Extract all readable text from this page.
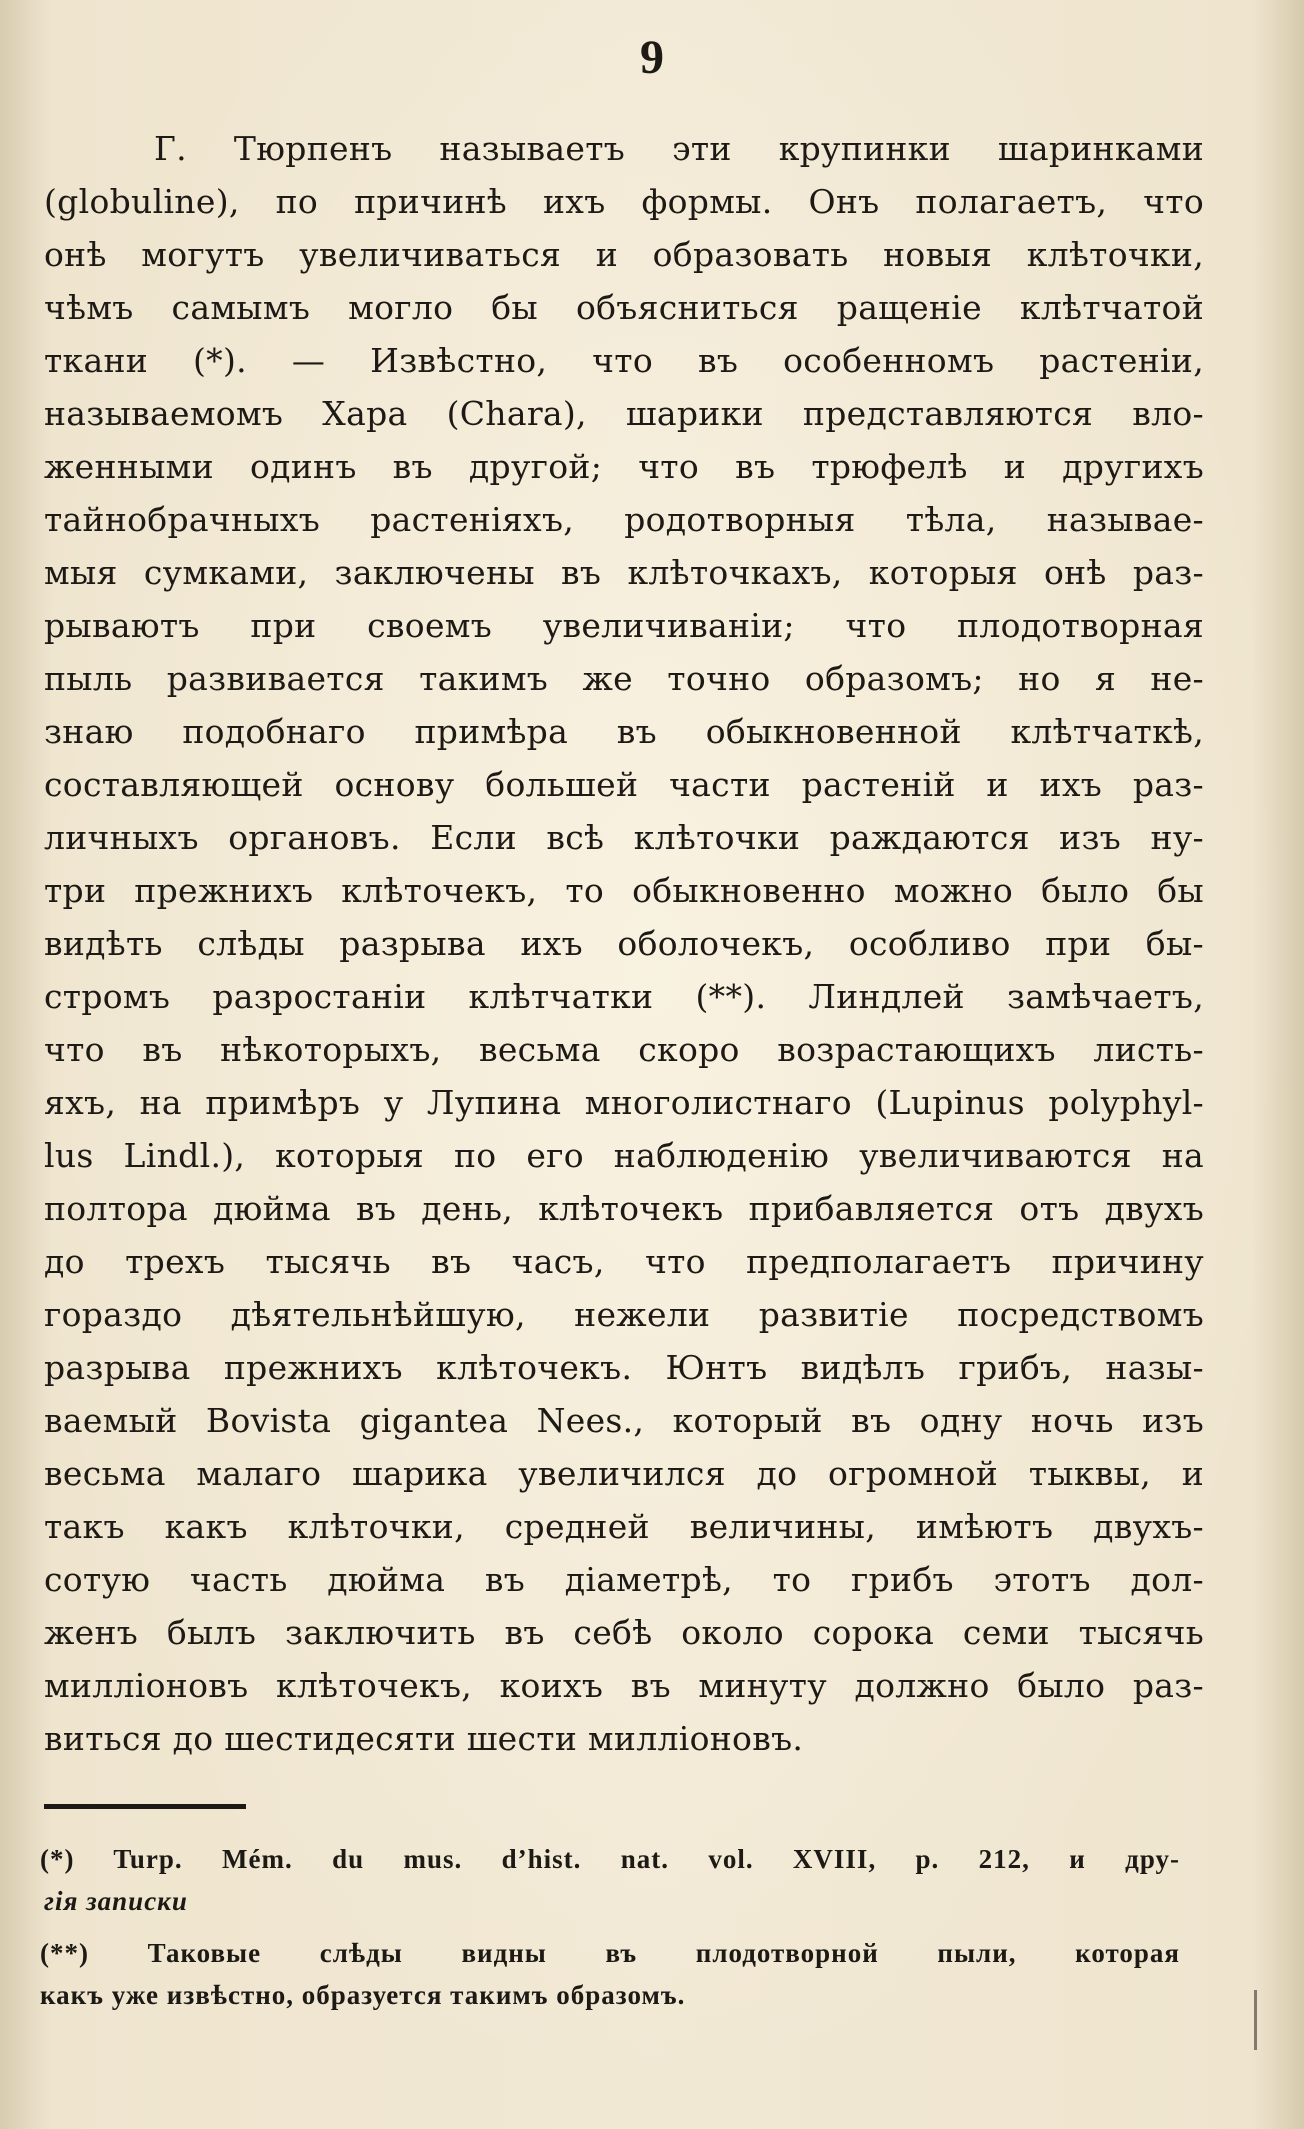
9
Г. Тюрпенъ называетъ эти крупинки шаринками
(globuline), по причинѣ ихъ формы. Онъ полагаетъ, что
онѣ могутъ увеличиваться и образовать новыя клѣточки,
чѣмъ самымъ могло бы объясниться ращеніе клѣтчатой
ткани (*). — Извѣстно, что въ особенномъ растеніи,
называемомъ Хара (Chara), шарики представляются вло-
женными одинъ въ другой; что въ трюфелѣ и другихъ
тайнобрачныхъ растеніяхъ, родотворныя тѣла, называе-
мыя сумками, заключены въ клѣточкахъ, которыя онѣ раз-
рываютъ при своемъ увеличиваніи; что плодотворная
пыль развивается такимъ же точно образомъ; но я не-
знаю подобнаго примѣра въ обыкновенной клѣтчаткѣ,
составляющей основу большей части растеній и ихъ раз-
личныхъ органовъ. Если всѣ клѣточки раждаются изъ ну-
три прежнихъ клѣточекъ, то обыкновенно можно было бы
видѣть слѣды разрыва ихъ оболочекъ, особливо при бы-
стромъ разростаніи клѣтчатки (**). Линдлей замѣчаетъ,
что въ нѣкоторыхъ, весьма скоро возрастающихъ листь-
яхъ, на примѣръ у Лупина многолистнаго (Lupinus polyphyl-
lus Lindl.), которыя по его наблюденію увеличиваются на
полтора дюйма въ день, клѣточекъ прибавляется отъ двухъ
до трехъ тысячь въ часъ, что предполагаетъ причину
гораздо дѣятельнѣйшую, нежели развитіе посредствомъ
разрыва прежнихъ клѣточекъ. Юнтъ видѣлъ грибъ, назы-
ваемый Bovista gigantea Nees., который въ одну ночь изъ
весьма малаго шарика увеличился до огромной тыквы, и
такъ какъ клѣточки, средней величины, имѣютъ двухъ-
сотую часть дюйма въ діаметрѣ, то грибъ этотъ дол-
женъ былъ заключить въ себѣ около сорока семи тысячь
милліоновъ клѣточекъ, коихъ въ минуту должно было раз-
виться до шестидесяти шести милліоновъ.
(*) Turp. Mém. du mus. d’hist. nat. vol. XVIII, p. 212, и дру-
гія записки
(**) Таковые слѣды видны въ плодотворной пыли, которая
какъ уже извѣстно, образуется такимъ образомъ.
